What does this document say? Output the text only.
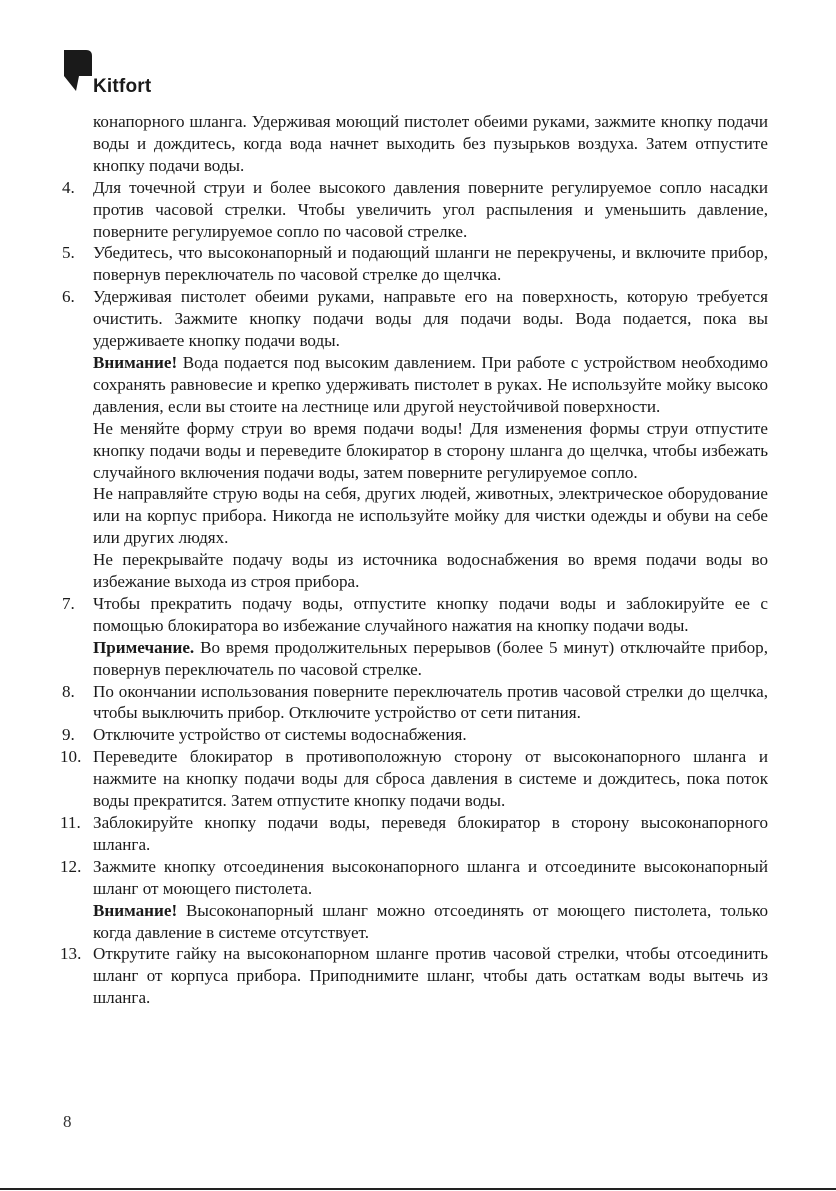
Kitfort

конапорного шланга. Удерживая моющий пистолет обеими руками, зажмите кнопку подачи воды и дождитесь, когда вода начнет выходить без пузырьков воздуха. Затем отпустите кнопку подачи воды.

4.	Для точечной струи и более высокого давления поверните регулируемое сопло насадки против часовой стрелки. Чтобы увеличить угол распыления и уменьшить давление, поверните регулируемое сопло по часовой стрелке.
5.	Убедитесь, что высоконапорный и подающий шланги не перекручены, и включите прибор, повернув переключатель по часовой стрелке до щелчка.
6.	Удерживая пистолет обеими руками, направьте его на поверхность, которую требуется очистить. Зажмите кнопку подачи воды для подачи воды. Вода подается, пока вы удерживаете кнопку подачи воды.

Внимание! Вода подается под высоким давлением. При работе с устройством необходимо сохранять равновесие и крепко удерживать пистолет в руках. Не используйте мойку высоко давления, если вы стоите на лестнице или другой неустойчивой поверхности.

Не меняйте форму струи во время подачи воды! Для изменения формы струи отпустите кнопку подачи воды и переведите блокиратор в сторону шланга до щелчка, чтобы избежать случайного включения подачи воды, затем поверните регулируемое сопло.

Не направляйте струю воды на себя, других людей, животных, электрическое оборудование или на корпус прибора. Никогда не используйте мойку для чистки одежды и обуви на себе или других людях.

Не перекрывайте подачу воды из источника водоснабжения во время подачи воды во избежание выхода из строя прибора.

7.	Чтобы прекратить подачу воды, отпустите кнопку подачи воды и заблокируйте ее с помощью блокиратора во избежание случайного нажатия на кнопку подачи воды.

Примечание. Во время продолжительных перерывов (более 5 минут) отключайте прибор, повернув переключатель по часовой стрелке.

8.	По окончании использования поверните переключатель против часовой стрелки до щелчка, чтобы выключить прибор. Отключите устройство от сети питания.
9.	Отключите устройство от системы водоснабжения.
10. Переведите блокиратор в противоположную сторону от высоконапорного шланга и нажмите на кнопку подачи воды для сброса давления в системе и дождитесь, пока поток воды прекратится. Затем отпустите кнопку подачи воды.
11. Заблокируйте кнопку подачи воды, переведя блокиратор в сторону высоконапорного шланга.
12. Зажмите кнопку отсоединения высоконапорного шланга и отсоедините высоконапорный шланг от моющего пистолета.

Внимание! Высоконапорный шланг можно отсоединять от моющего пистолета, только когда давление в системе отсутствует.

13. Открутите гайку на высоконапорном шланге против часовой стрелки, чтобы отсоединить шланг от корпуса прибора. Приподнимите шланг, чтобы дать остаткам воды вытечь из шланга.
8
